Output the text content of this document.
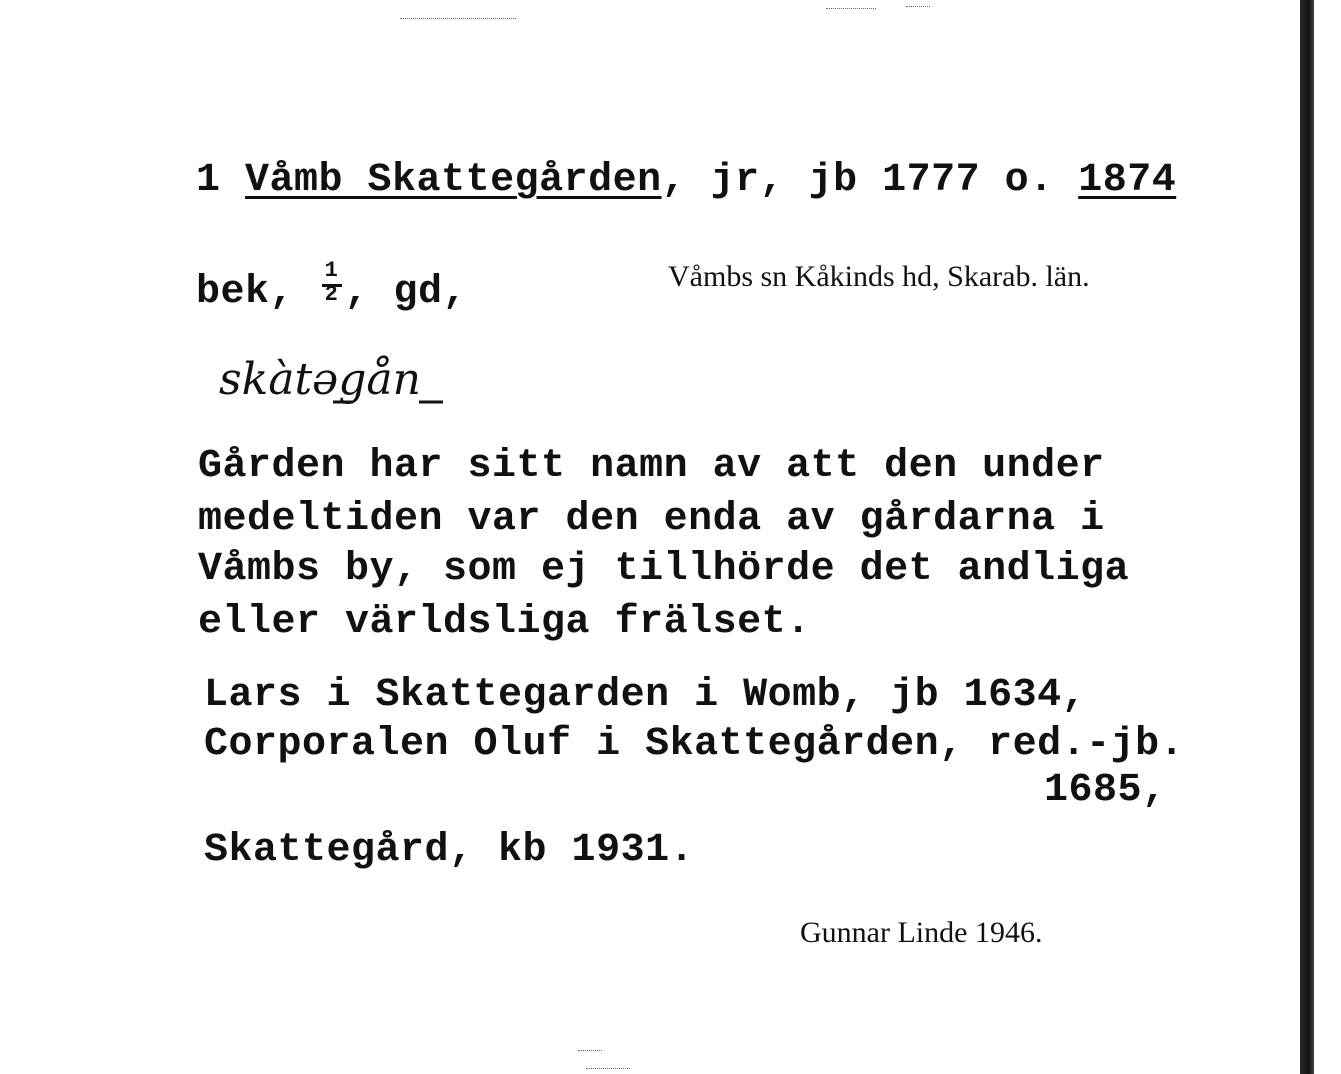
1 Våmb Skattegården, jr, jb 1777 o. 1874
bek, $\frac{1}{2}$ , gd,	Våmbs sn Kåkinds hd, Skarab. län.
skàtəgån
Gården har sitt namn av att den under
medeltiden var den enda av gårdarna i
Våmbs by, som ej tillhörde det andliga
eller världsliga frälset.
Lars i Skattegarden i Womb, jb 1634,
Corporalen Oluf i Skattegården, red.-jb.
1685,
Skattegård, kb 1931.
Gunnar Linde 1946.
